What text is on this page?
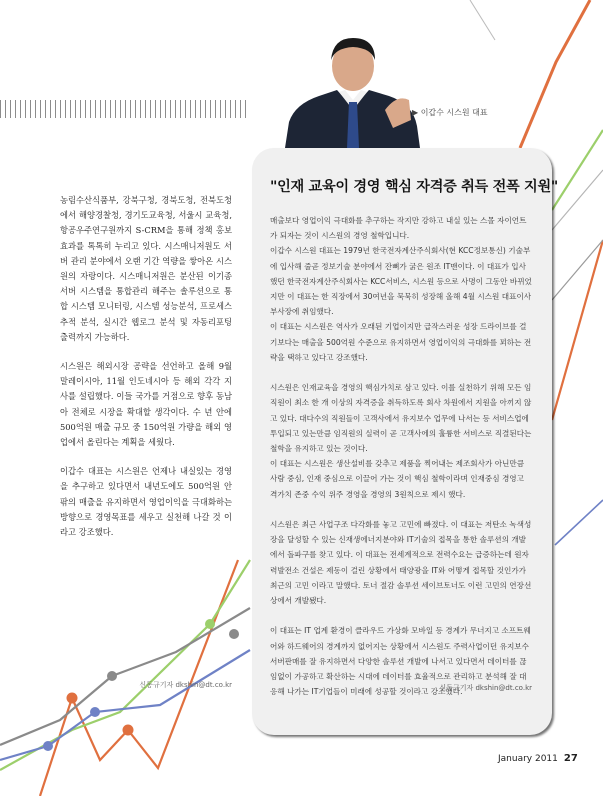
▶ 이갑수 시스원 대표

농림수산식품부, 강북구청, 경북도청, 전북도청에서 해양경찰청, 경기도교육청, 서울시 교육청, 항공우주연구원까지 S-CRM을 통해 정책 홍보 효과를 톡톡히 누리고 있다. 시스매니저원도 서버 관리 분야에서 오랜 기간 역량을 쌓아온 시스원의 자랑이다. 시스매니저원은 분산된 이기종 서버 시스템을 통합관리 해주는 솔루션으로 통합 시스템 모니터링, 시스템 성능분석, 프로세스 추적 분석, 실시간 웹로그 분석 및 자동리포팅 출력까지 가능하다.

시스원은 해외시장 공략을 선언하고 올해 9월 말레이시아, 11월 인도네시아 등 해외 각각 지사를 설립했다. 이들 국가를 거점으로 향후 동남아 전체로 시장을 확대할 생각이다. 수 년 안에 500억원 매출 규모 중 150억원 가량을 해외 영업에서 올린다는 계획을 세웠다.

이갑수 대표는 시스원은 언제나 내실있는 경영을 추구하고 있다면서 내년도에도 500억원 안팎의 매출을 유지하면서 영업이익을 극대화하는 방향으로 경영목표를 세우고 실천해 나갈 것 이라고 강조했다.

신동규기자 dkshin@dt.co.kr
"인재 교육이 경영 핵심 자격증 취득 전폭 지원"

매출보다 영업이익 극대화를 추구하는 작지만 강하고 내실 있는 스몰 자이언트가 되자는 것이 시스원의 경영 철학입니다.
이갑수 시스원 대표는 1979년 한국전자계산주식회사(현 KCC정보통신) 기술부에 입사해 줄곧 정보기술 분야에서 잔뼈가 굵은 원조 IT맨이다. 이 대표가 입사했던 한국전자계산주식회사는 KCC서비스, 시스원 등으로 사명이 그동안 바뀌었지만 이 대표는 한 직장에서 30여년을 묵묵히 성장해 올해 4월 시스원 대표이사 부사장에 취임했다.
이 대표는 시스원은 역사가 오래된 기업이지만 급작스러운 성장 드라이브를 걸기보다는 매출을 500억원 수준으로 유지하면서 영업이익의 극대화를 꾀하는 전략을 택하고 있다고 강조했다.

시스원은 인재교육을 경영의 핵심가치로 삼고 있다. 이를 실천하기 위해 모든 임직원이 최소 한 개 이상의 자격증을 취득하도록 회사 차원에서 지원을 아끼지 않고 있다. 대다수의 직원들이 고객사에서 유지보수 업무에 나서는 등 서비스업에 투입되고 있는만큼 임직원의 실력이 곧 고객사에의 훌륭한 서비스로 직결된다는 철학을 유지하고 있는 것이다.
이 대표는 시스원은 생산설비를 갖추고 제품을 찍어내는 제조회사가 아닌만큼 사람 중심, 인재 중심으로 이끌어 가는 것이 핵심 철학이라며 인재중심 경영고 격가치 존중 수익 위주 경영을 경영의 3원칙으로 제시 했다.

시스원은 최근 사업구조 다각화를 놓고 고민에 빠졌다. 이 대표는 저탄소 녹색성장을 달성할 수 있는 신재생에너지분야와 IT기술의 접목을 통한 솔루션의 개발에서 돌파구를 찾고 있다. 이 대표는 전세계적으로 전력수요는 급증하는데 원자력발전소 건설은 제동이 걸린 상황에서 태양광을 IT와 어떻게 접목할 것인가가 최근의 고민 이라고 말했다. 토너 절감 솔루션 세이브토너도 이런 고민의 연장선상에서 개발됐다.

이 대표는 IT 업계 환경이 클라우드 가상화 모바일 등 경계가 무너지고 소프트웨어와 하드웨어의 경계까지 없어지는 상황에서 시스원도 주력사업이던 유지보수 서버판매를 잘 유지하면서 다양한 솔루션 개발에 나서고 있다면서 데이터를 끊임없이 가공하고 확산하는 시대에 데이터를 효율적으로 관리하고 분석해 잘 대응해 나가는 IT기업들이 미래에 성공할 것이라고 강조했다.

신동규기자 dkshin@dt.co.kr
January 2011 27
